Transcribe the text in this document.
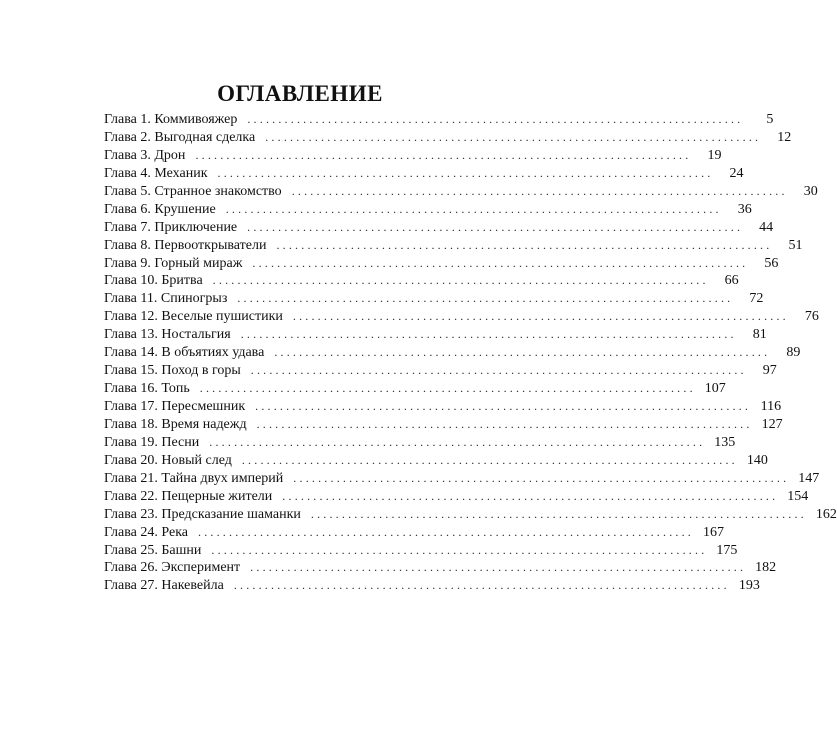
ОГЛАВЛЕНИЕ
Глава 1. Коммивояжер ................................................................................	5
Глава 2. Выгодная сделка ................................................................................	12
Глава 3. Дрон ................................................................................	19
Глава 4. Механик ................................................................................	24
Глава 5. Странное знакомство ................................................................................	30
Глава 6. Крушение ................................................................................	36
Глава 7. Приключение ................................................................................	44
Глава 8. Первооткрыватели ................................................................................	51
Глава 9. Горный мираж ................................................................................	56
Глава 10. Бритва ................................................................................	66
Глава 11. Спиногрыз ................................................................................	72
Глава 12. Веселые пушистики ................................................................................	76
Глава 13. Ностальгия ................................................................................	81
Глава 14. В объятиях удава ................................................................................	89
Глава 15. Поход в горы ................................................................................	97
Глава 16. Топь ................................................................................ 107
Глава 17. Пересмешник ................................................................................ 116
Глава 18. Время надежд ................................................................................ 127
Глава 19. Песни ................................................................................ 135
Глава 20. Новый след ................................................................................ 140
Глава 21. Тайна двух империй ................................................................................ 147
Глава 22. Пещерные жители ................................................................................ 154
Глава 23. Предсказание шаманки ................................................................................ 162
Глава 24. Река ................................................................................ 167
Глава 25. Башни ................................................................................ 175
Глава 26. Эксперимент ................................................................................ 182
Глава 27. Накевейла ................................................................................ 193
